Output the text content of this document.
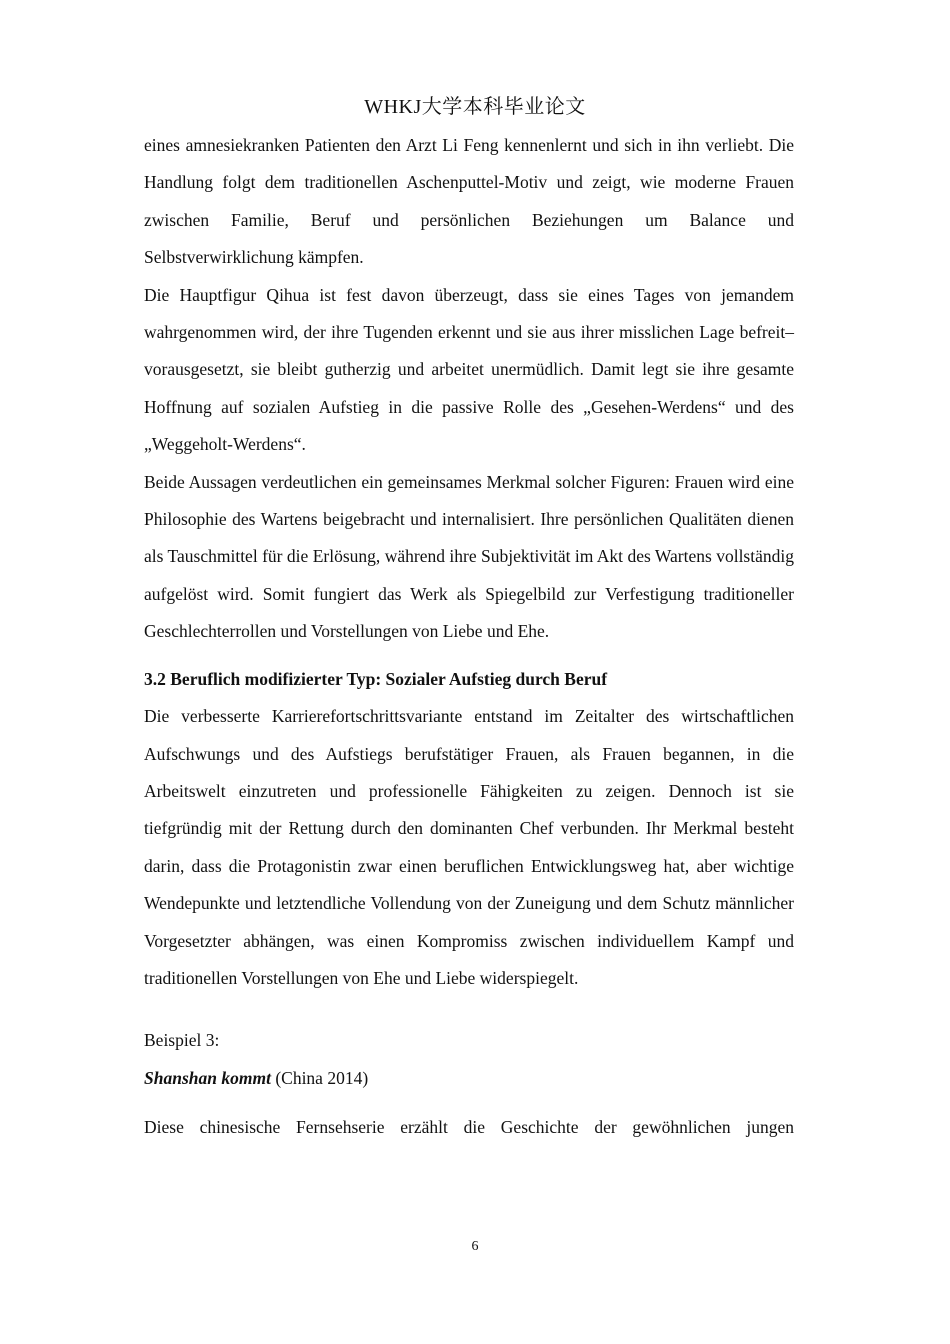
WHKJ大学本科毕业论文

eines amnesiekranken Patienten den Arzt Li Feng kennenlernt und sich in ihn verliebt. Die Handlung folgt dem traditionellen Aschenputtel-Motiv und zeigt, wie moderne Frauen zwischen Familie, Beruf und persönlichen Beziehungen um Balance und Selbstverwirklichung kämpfen.

Die Hauptfigur Qihua ist fest davon überzeugt, dass sie eines Tages von jemandem wahrgenommen wird, der ihre Tugenden erkennt und sie aus ihrer misslichen Lage befreit–vorausgesetzt, sie bleibt gutherzig und arbeitet unermüdlich. Damit legt sie ihre gesamte Hoffnung auf sozialen Aufstieg in die passive Rolle des „Gesehen-Werdens“ und des „Weggeholt-Werdens“.

Beide Aussagen verdeutlichen ein gemeinsames Merkmal solcher Figuren: Frauen wird eine Philosophie des Wartens beigebracht und internalisiert. Ihre persönlichen Qualitäten dienen als Tauschmittel für die Erlösung, während ihre Subjektivität im Akt des Wartens vollständig aufgelöst wird. Somit fungiert das Werk als Spiegelbild zur Verfestigung traditioneller Geschlechterrollen und Vorstellungen von Liebe und Ehe.

3.2 Beruflich modifizierter Typ: Sozialer Aufstieg durch Beruf

Die verbesserte Karrierefortschrittsvariante entstand im Zeitalter des wirtschaftlichen Aufschwungs und des Aufstiegs berufstätiger Frauen, als Frauen begannen, in die Arbeitswelt einzutreten und professionelle Fähigkeiten zu zeigen. Dennoch ist sie tiefgründig mit der Rettung durch den dominanten Chef verbunden. Ihr Merkmal besteht darin, dass die Protagonistin zwar einen beruflichen Entwicklungsweg hat, aber wichtige Wendepunkte und letztendliche Vollendung von der Zuneigung und dem Schutz männlicher Vorgesetzter abhängen, was einen Kompromiss zwischen individuellem Kampf und traditionellen Vorstellungen von Ehe und Liebe widerspiegelt.

Beispiel 3:

Shanshan kommt (China 2014)

Diese chinesische Fernsehserie erzählt die Geschichte der gewöhnlichen jungen

6
